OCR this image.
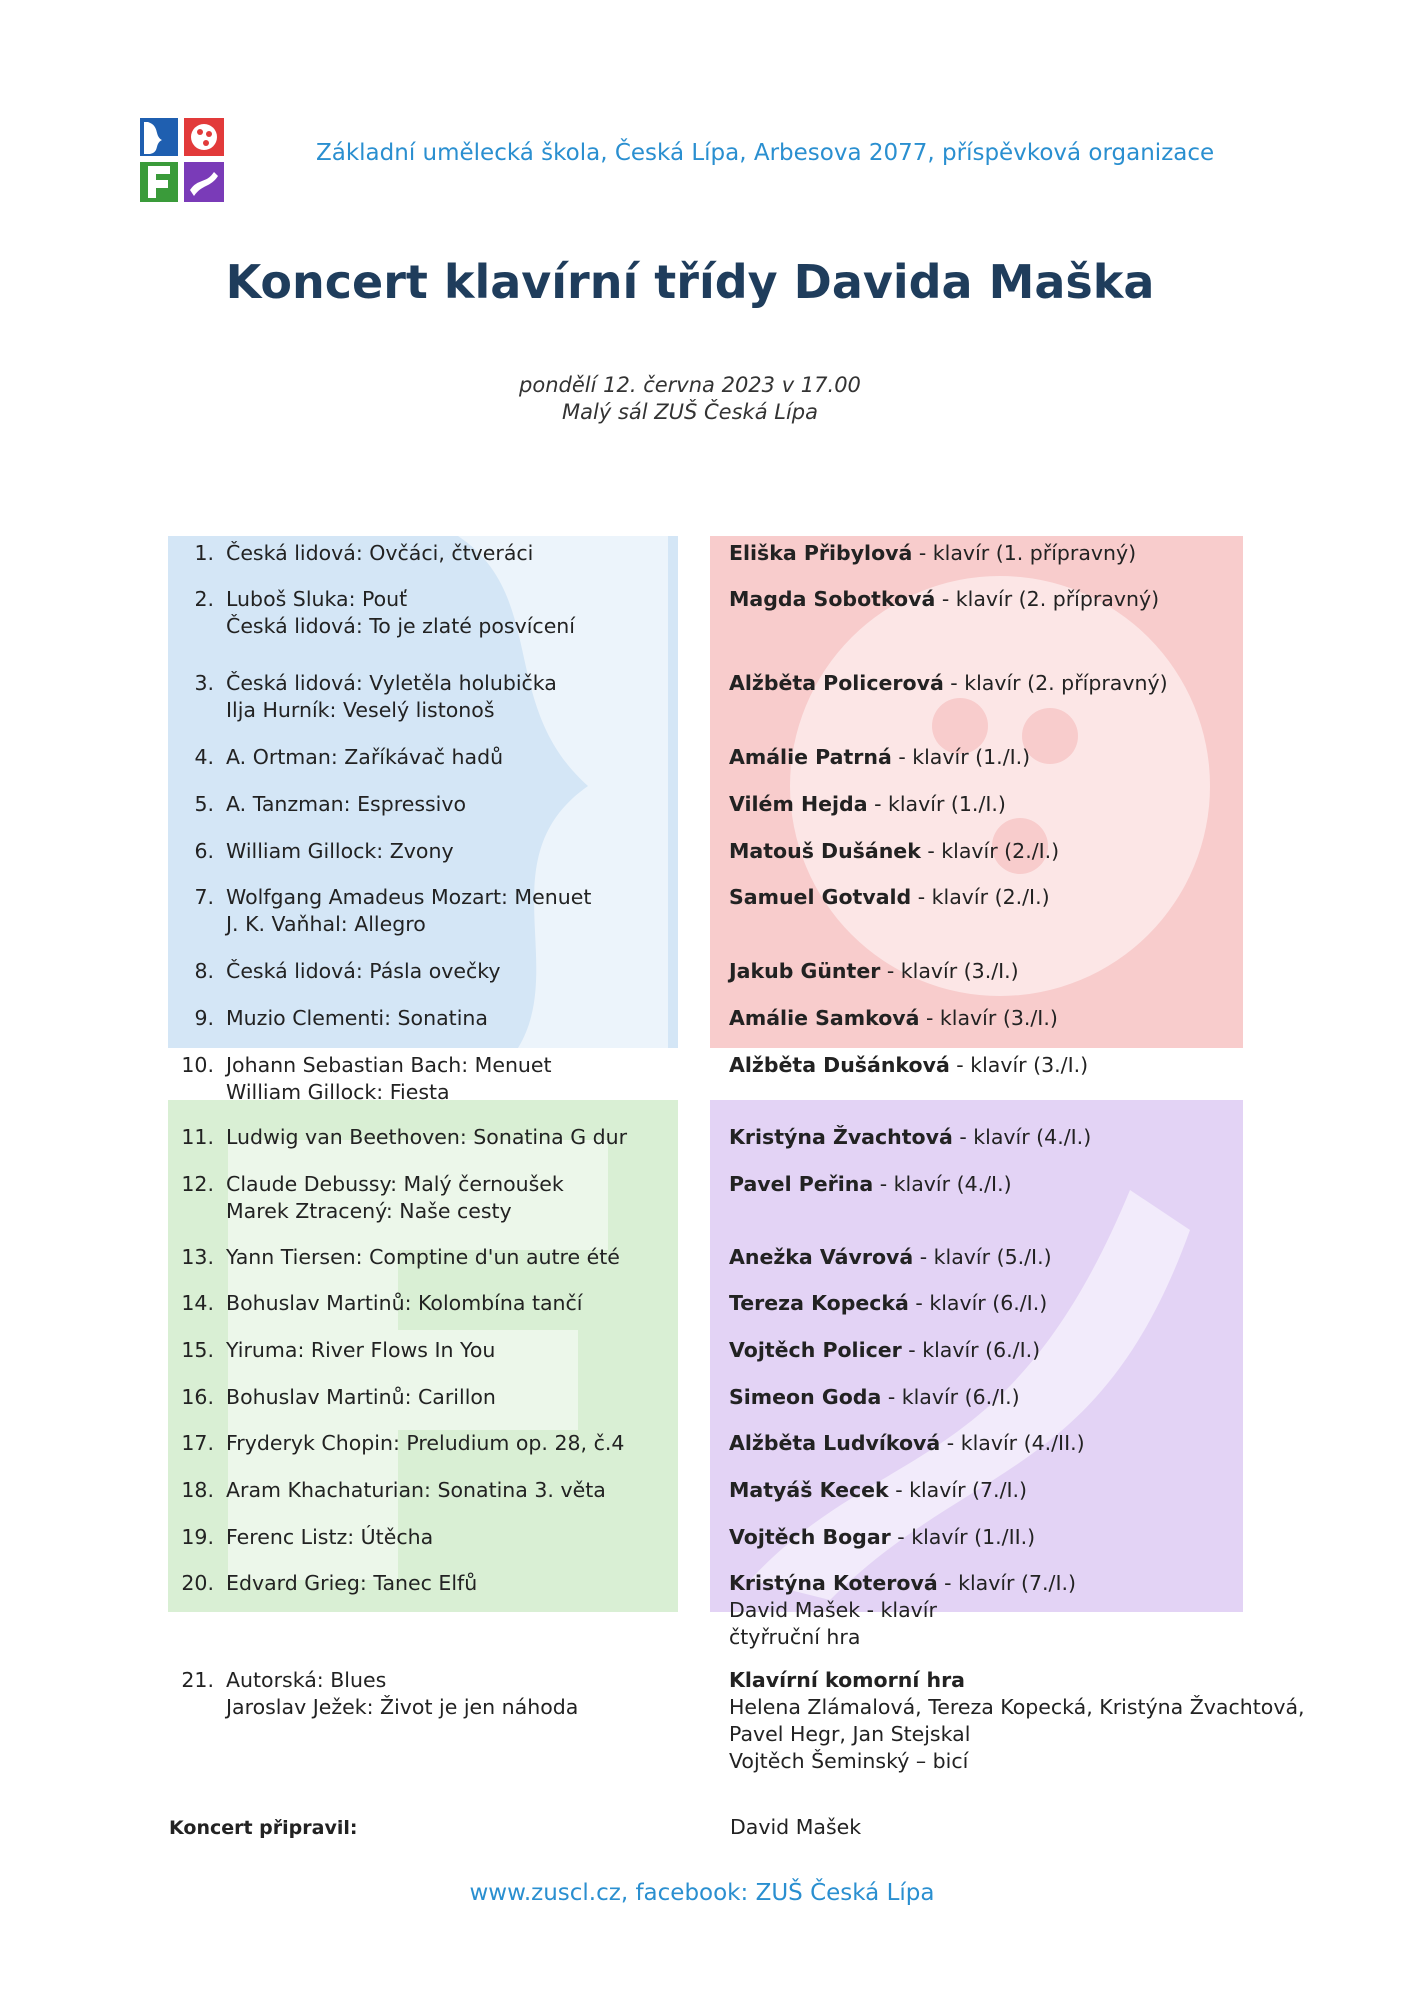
Základní umělecká škola, Česká Lípa, Arbesova 2077, příspěvková organizace
Koncert klavírní třídy Davida Maška
pondělí 12. června 2023 v 17.00
Malý sál ZUŠ Česká Lípa
1. Česká lidová: Ovčáci, čtveráci
2. Luboš Sluka: Pouť
Česká lidová: To je zlaté posvícení
3. Česká lidová: Vyletěla holubička
Ilja Hurník: Veselý listonoš
4. A. Ortman: Zaříkávač hadů
5. A. Tanzman: Espressivo
6. William Gillock: Zvony
7. Wolfgang Amadeus Mozart: Menuet
J. K. Vaňhal: Allegro
8. Česká lidová: Pásla ovečky
9. Muzio Clementi: Sonatina
10. Johann Sebastian Bach: Menuet
William Gillock: Fiesta
11. Ludwig van Beethoven: Sonatina G dur
12. Claude Debussy: Malý černoušek
Marek Ztracený: Naše cesty
13. Yann Tiersen: Comptine d'un autre été
14. Bohuslav Martinů: Kolombína tančí
15. Yiruma: River Flows In You
16. Bohuslav Martinů: Carillon
17. Fryderyk Chopin: Preludium op. 28, č.4
18. Aram Khachaturian: Sonatina 3. věta
19. Ferenc Listz: Útěcha
20. Edvard Grieg: Tanec Elfů
21. Autorská: Blues
Jaroslav Ježek: Život je jen náhoda
Eliška Přibylová - klavír (1. přípravný)
Magda Sobotková - klavír (2. přípravný)
Alžběta Policerová - klavír (2. přípravný)
Amálie Patrná - klavír (1./I.)
Vilém Hejda - klavír (1./I.)
Matouš Dušánek - klavír (2./I.)
Samuel Gotvald - klavír (2./I.)
Jakub Günter - klavír (3./I.)
Amálie Samková - klavír (3./I.)
Alžběta Dušánková - klavír (3./I.)
Kristýna Žvachtová - klavír (4./I.)
Pavel Peřina - klavír (4./I.)
Anežka Vávrová - klavír (5./I.)
Tereza Kopecká - klavír (6./I.)
Vojtěch Policer - klavír (6./I.)
Simeon Goda - klavír (6./I.)
Alžběta Ludvíková - klavír (4./II.)
Matyáš Kecek - klavír (7./I.)
Vojtěch Bogar - klavír (1./II.)
Kristýna Koterová - klavír (7./I.)
David Mašek - klavír
čtyřruční hra
Klavírní komorní hra
Helena Zlámalová, Tereza Kopecká, Kristýna Žvachtová,
Pavel Hegr, Jan Stejskal
Vojtěch Šeminský – bicí
Koncert připravil:	David Mašek
www.zuscl.cz, facebook: ZUŠ Česká Lípa
